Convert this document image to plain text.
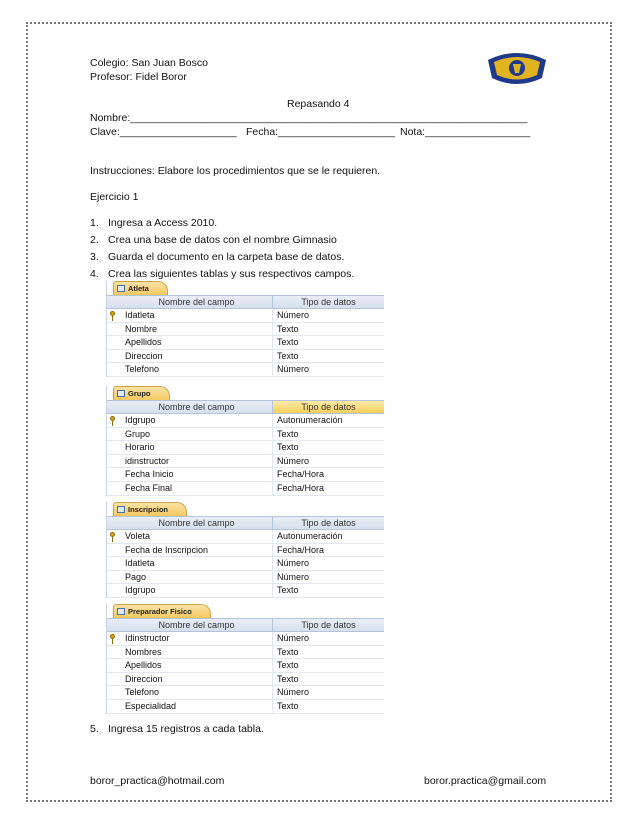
Colegio: San Juan Bosco
Profesor: Fidel Boror
Repasando 4
Nombre:____________________________________________________________________
Clave:____________________ Fecha:____________________ Nota:__________________
Instrucciones: Elabore los procedimientos que se le requieren.
Ejercicio 1
1. Ingresa a Access 2010.
2. Crea una base de datos con el nombre Gimnasio
3. Guarda el documento en la carpeta base de datos.
4. Crea las siguientes tablas y sus respectivos campos.
Atleta
Nombre del campo	Tipo de datos
Idatleta	Número
Nombre	Texto
Apellidos	Texto
Direccion	Texto
Telefono	Número
Grupo
Nombre del campo	Tipo de datos
Idgrupo	Autonumeración
Grupo	Texto
Horario	Texto
idinstructor	Número
Fecha Inicio	Fecha/Hora
Fecha Final	Fecha/Hora
Inscripcion
Nombre del campo	Tipo de datos
Voleta	Autonumeración
Fecha de Inscripcion	Fecha/Hora
Idatleta	Número
Pago	Número
Idgrupo	Texto
Preparador Fisico
Nombre del campo	Tipo de datos
Idinstructor	Número
Nombres	Texto
Apellidos	Texto
Direccion	Texto
Telefono	Número
Especialidad	Texto
5. Ingresa 15 registros a cada tabla.
boror_practica@hotmail.com	boror.practica@gmail.com
